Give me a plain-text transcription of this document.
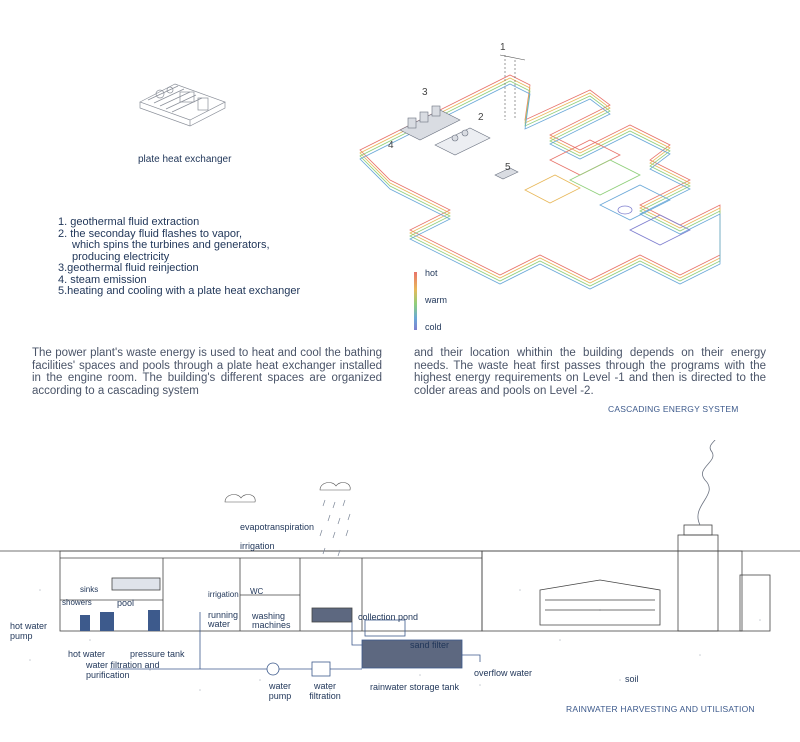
plate heat exchanger
1. geothermal fluid extraction
2. the seconday fluid flashes to vapor,
which spins the turbines and generators,
producing electricity
3.geothermal fluid reinjection
4. steam emission
5.heating and cooling with a plate heat exchanger
1
2
3
4
5
hot
warm
cold
The power plant's waste energy is used to heat and cool the bathing facilities' spaces and pools through a plate heat exchanger installed in the engine room. The building's different spaces are organized according to a cascading system
and their location whithin the building depends on their energy needs. The waste heat first passes through the programs with the highest energy requirements on Level -1 and then is directed to the colder areas and pools on Level -2.
CASCADING ENERGY SYSTEM
evapotranspiration
irrigation
sinks
showers	pool
irrigation
running water
WC
washing machines
collection pond
hot water pump
hot water	pressure tank
water filtration and purification
sand filter
water pump
water filtration
rainwater storage tank
overflow water
soil
RAINWATER HARVESTING AND UTILISATION
